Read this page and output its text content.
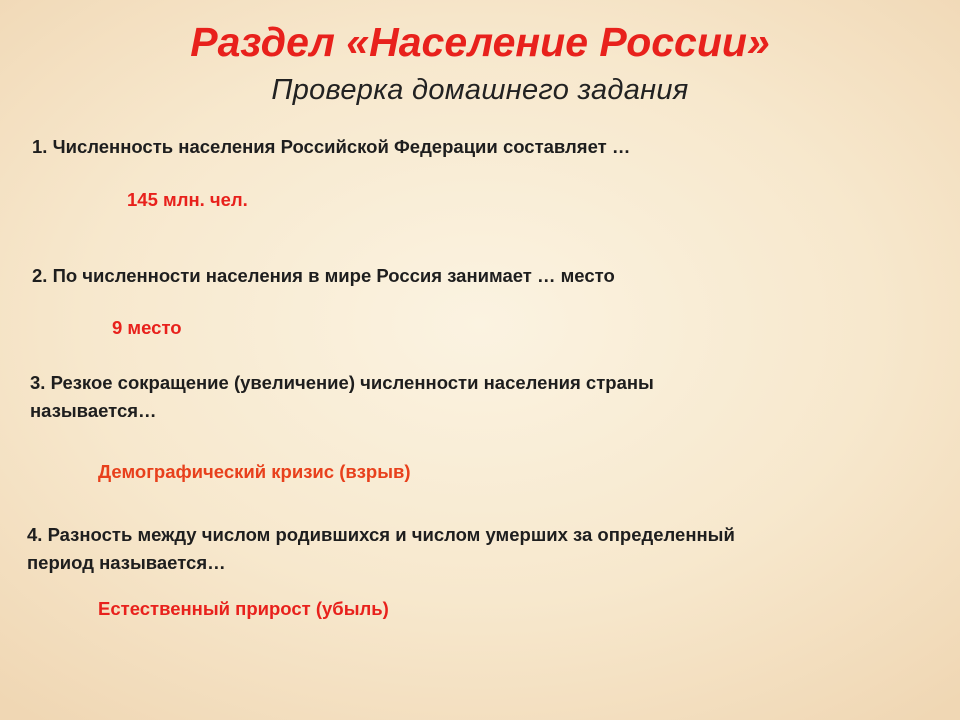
Раздел «Население России»
Проверка домашнего задания
1. Численность населения Российской Федерации составляет …
145 млн. чел.
2. По численности населения в мире Россия занимает … место
9 место
3. Резкое сокращение (увеличение) численности населения страны
называется…
Демографический кризис (взрыв)
4. Разность между числом родившихся и числом умерших за определенный
период называется…
Естественный прирост (убыль)
